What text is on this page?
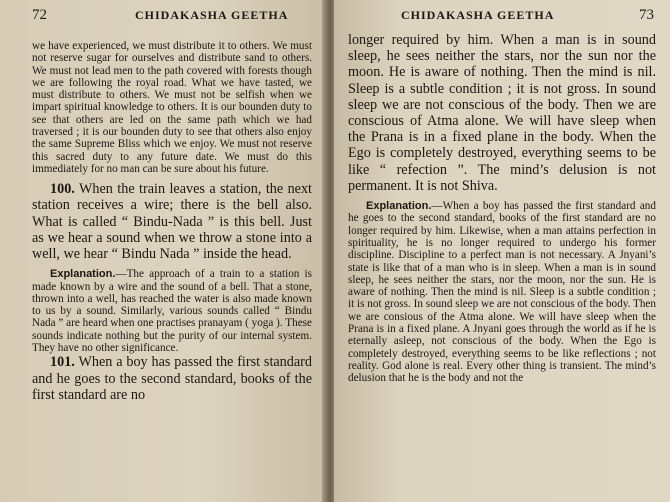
72	CHIDAKASHA GEETHA

we have experienced, we must distribute it to others. We must not reserve sugar for ourselves and distribute sand to others. We must not lead men to the path covered with forests though we are following the royal road. What we have tasted, we must distribute to others. We must not be selfish when we impart spiritual knowledge to others. It is our bounden duty to see that others are led on the same path which we had traversed ; it is our bounden duty to see that others also enjoy the same Supreme Bliss which we enjoy. We must not reserve this sacred duty to any future date. We must do this immediately for no man can be sure about his future.

100. When the train leaves a station, the next station receives a wire; there is the bell also. What is called “ Bindu-Nada ” is this bell. Just as we hear a sound when we throw a stone into a well, we hear “ Bindu Nada ” inside the head.

Explanation.—The approach of a train to a station is made known by a wire and the sound of a bell. That a stone, thrown into a well, has reached the water is also made known to us by a sound. Similarly, various sounds called “ Bindu Nada ” are heard when one practises pranayam ( yoga ). These sounds indicate nothing but the purity of our internal system. They have no other significance.

101. When a boy has passed the first standard and he goes to the second standard, books of the first standard are no

CHIDAKASHA GEETHA	73

longer required by him. When a man is in sound sleep, he sees neither the stars, nor the sun nor the moon. He is aware of nothing. Then the mind is nil. Sleep is a subtle condition ; it is not gross. In sound sleep we are not conscious of the body. Then we are conscious of Atma alone. We will have sleep when the Prana is in a fixed plane in the body. When the Ego is completely destroyed, everything seems to be like “ refection ”. The mind’s delusion is not permanent. It is not Shiva.

Explanation.—When a boy has passed the first standard and he goes to the second standard, books of the first standard are no longer required by him. Likewise, when a man attains perfection in spirituality, he is no longer required to undergo his former discipline. Discipline to a perfect man is not necessary. A Jnyani’s state is like that of a man who is in sleep. When a man is in sound sleep, he sees neither the stars, nor the moon, nor the sun. He is aware of nothing. Then the mind is nil. Sleep is a subtle condition ; it is not gross. In sound sleep we are not conscious of the body. Then we are consious of the Atma alone. We will have sleep when the Prana is in a fixed plane. A Jnyani goes through the world as if he is eternally asleep, not conscious of the body. When the Ego is completely destroyed, everything seems to be like reflections ; not reality. God alone is real. Every other thing is transient. The mind’s delusion that he is the body and not the
